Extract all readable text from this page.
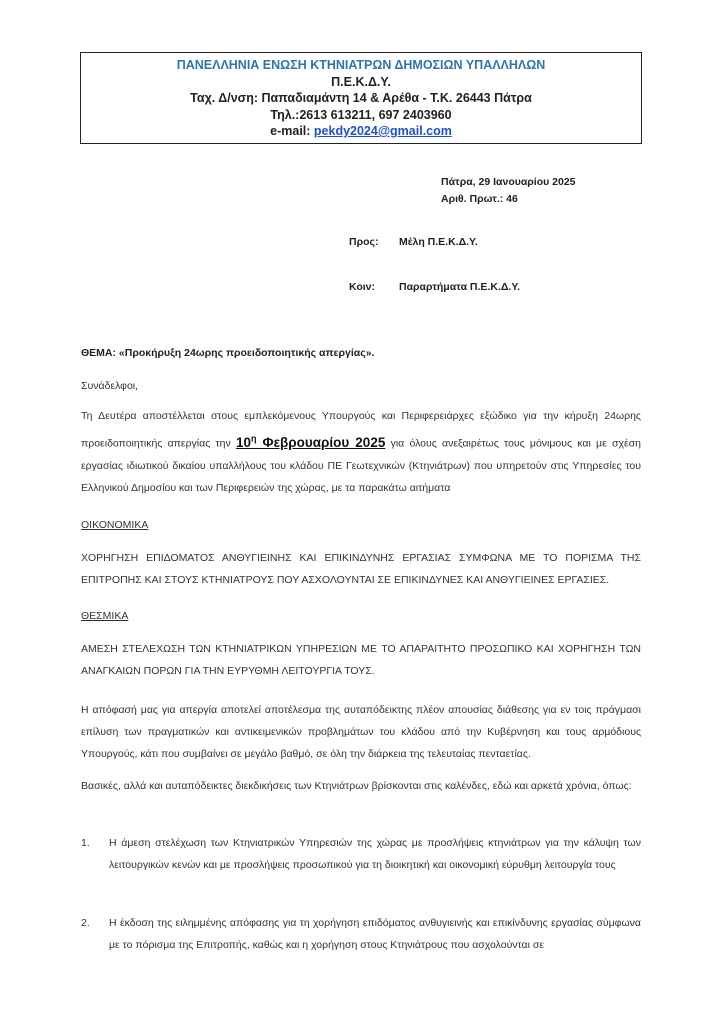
ΠΑΝΕΛΛΗΝΙΑ ΕΝΩΣΗ ΚΤΗΝΙΑΤΡΩΝ ΔΗΜΟΣΙΩΝ ΥΠΑΛΛΗΛΩΝ
Π.Ε.Κ.Δ.Υ.
Ταχ. Δ/νση: Παπαδιαμάντη 14 & Αρέθα - Τ.Κ. 26443 Πάτρα
Τηλ.:2613 613211, 697 2403960
e-mail: pekdy2024@gmail.com
Πάτρα, 29 Ιανουαρίου 2025
Αριθ. Πρωτ.: 46
Προς: Μέλη Π.Ε.Κ.Δ.Υ.
Κοιν: Παραρτήματα Π.Ε.Κ.Δ.Υ.
ΘΕΜΑ: «Προκήρυξη 24ωρης προειδοποιητικής απεργίας».
Συνάδελφοι,
Τη Δευτέρα αποστέλλεται στους εμπλεκόμενους Υπουργούς και Περιφερειάρχες εξώδικο για την κήρυξη 24ωρης προειδοποιητικής απεργίας την $10^\eta$ Φεβρουαρίου 2025 για όλους ανεξαιρέτως τους μόνιμους και με σχέση εργασίας ιδιωτικού δικαίου υπαλλήλους του κλάδου ΠΕ Γεωτεχνικών (Κτηνιάτρων) που υπηρετούν στις Υπηρεσίες του Ελληνικού Δημοσίου και των Περιφερειών της χώρας, με τα παρακάτω αιτήματα
ΟΙΚΟΝΟΜΙΚΑ
ΧΟΡΗΓΗΣΗ ΕΠΙΔΟΜΑΤΟΣ ΑΝΘΥΓΙΕΙΝΗΣ ΚΑΙ ΕΠΙΚΙΝΔΥΝΗΣ ΕΡΓΑΣΙΑΣ ΣΥΜΦΩΝΑ ΜΕ ΤΟ ΠΟΡΙΣΜΑ ΤΗΣ ΕΠΙΤΡΟΠΗΣ ΚΑΙ ΣΤΟΥΣ ΚΤΗΝΙΑΤΡΟΥΣ ΠΟΥ ΑΣΧΟΛΟΥΝΤΑΙ ΣΕ ΕΠΙΚΙΝΔΥΝΕΣ ΚΑΙ ΑΝΘΥΓΙΕΙΝΕΣ ΕΡΓΑΣΙΕΣ.
ΘΕΣΜΙΚΑ
ΑΜΕΣΗ ΣΤΕΛΕΧΩΣΗ ΤΩΝ ΚΤΗΝΙΑΤΡΙΚΩΝ ΥΠΗΡΕΣΙΩΝ ΜΕ ΤΟ ΑΠΑΡΑΙΤΗΤΟ ΠΡΟΣΩΠΙΚΟ ΚΑΙ ΧΟΡΗΓΗΣΗ ΤΩΝ ΑΝΑΓΚΑΙΩΝ ΠΟΡΩΝ ΓΙΑ ΤΗΝ ΕΥΡΥΘΜΗ ΛΕΙΤΟΥΡΓΙΑ ΤΟΥΣ.
Η απόφασή μας για απεργία αποτελεί αποτέλεσμα της αυταπόδεικτης πλέον απουσίας διάθεσης για εν τοις πράγμασι επίλυση των πραγματικών και αντικειμενικών προβλημάτων του κλάδου από την Κυβέρνηση και τους αρμόδιους Υπουργούς, κάτι που συμβαίνει σε μεγάλο βαθμό, σε όλη την διάρκεια της τελευταίας πενταετίας.
Βασικές, αλλά και αυταπόδεικτες διεκδικήσεις των Κτηνιάτρων βρίσκονται στις καλένδες, εδώ και αρκετά χρόνια, όπως:
1.	Η άμεση στελέχωση των Κτηνιατρικών Υπηρεσιών της χώρας με προσλήψεις κτηνιάτρων για την κάλυψη των λειτουργικών κενών και με προσλήψεις προσωπικού για τη διοικητική και οικονομική εύρυθμη λειτουργία τους
2.	Η έκδοση της ειλημμένης απόφασης για τη χορήγηση επιδόματος ανθυγιεινής και επικίνδυνης εργασίας σύμφωνα με το πόρισμα της Επιτροπής, καθώς και η χορήγηση στους Κτηνιάτρους που ασχολούνται σε
